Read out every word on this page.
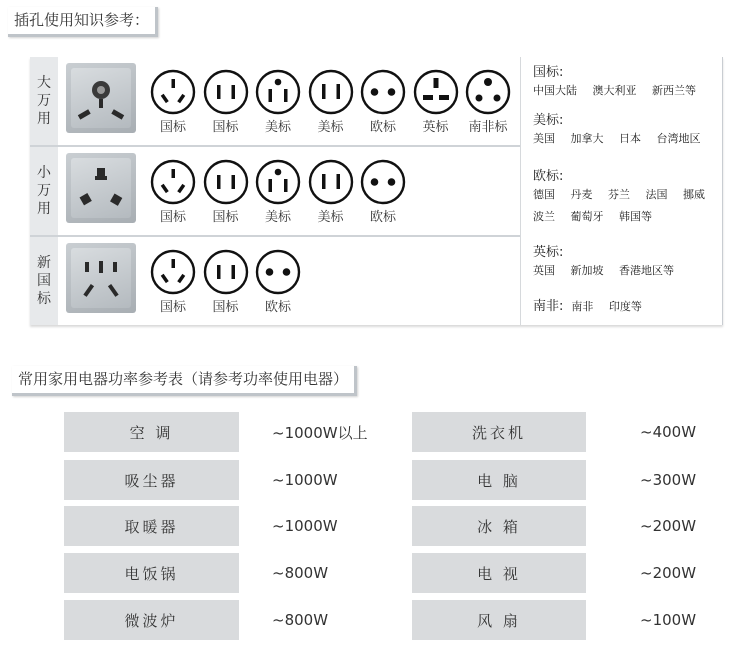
插孔使用知识参考：
大万用
国标	国标	美标	美标	欧标	英标	南非标
小万用
国标	国标	美标	美标	欧标
新国标
国标	国标	欧标
国标:
中国大陆 澳大利亚 新西兰等
美标:
美国 加拿大 日本 台湾地区
欧标:
德国 丹麦 芬兰 法国 挪威 波兰 葡萄牙 韩国等
英标:
英国 新加坡 香港地区等
南非: 南非 印度等
常用家用电器功率参考表（请参考功率使用电器）
空 调	~1000W以上	洗衣机	~400W
吸尘器	~1000W	电 脑	~300W
取暖器	~1000W	冰 箱	~200W
电饭锅	~800W	电 视	~200W
微波炉	~800W	风 扇	~100W
